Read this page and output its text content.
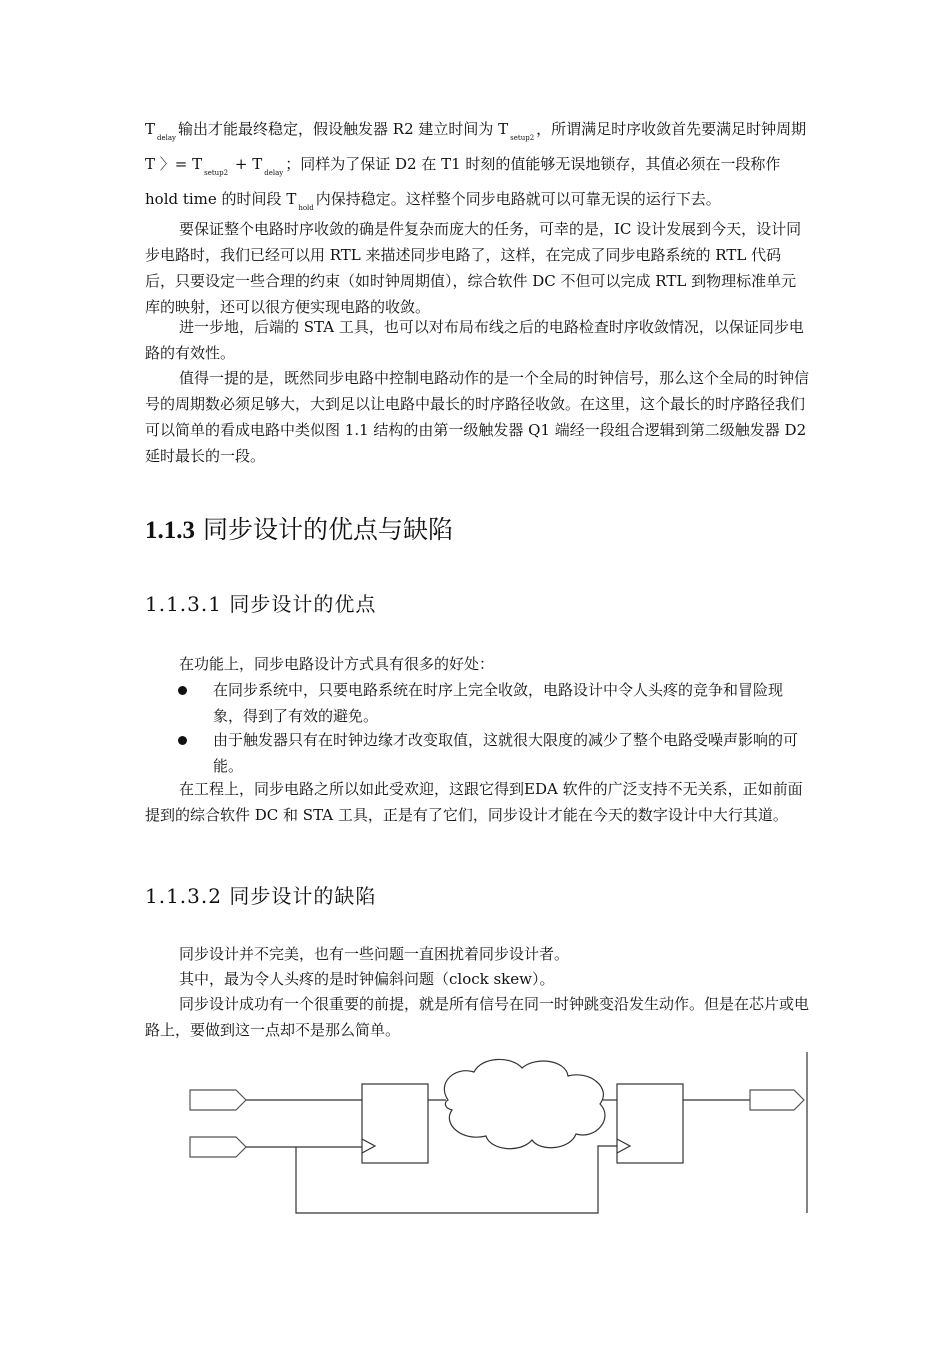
T $_{delay}$ 输出才能最终稳定，假设触发器 R2 建立时间为 T $_{setup2}$ ，所谓满足时序收敛首先要满足时钟周期 T 〉= T $_{setup2}$ + T $_{delay}$ ；同样为了保证 D2 在 T1 时刻的值能够无误地锁存，其值必须在一段称作 hold time 的时间段 T $_{hold}$ 内保持稳定。这样整个同步电路就可以可靠无误的运行下去。

要保证整个电路时序收敛的确是件复杂而庞大的任务，可幸的是，IC 设计发展到今天，设计同步电路时，我们已经可以用 RTL 来描述同步电路了，这样，在完成了同步电路系统的 RTL 代码后，只要设定一些合理的约束（如时钟周期值），综合软件 DC 不但可以完成 RTL 到物理标准单元库的映射，还可以很方便实现电路的收敛。

进一步地，后端的 STA 工具，也可以对布局布线之后的电路检查时序收敛情况，以保证同步电路的有效性。

值得一提的是，既然同步电路中控制电路动作的是一个全局的时钟信号，那么这个全局的时钟信号的周期数必须足够大，大到足以让电路中最长的时序路径收敛。在这里，这个最长的时序路径我们可以简单的看成电路中类似图 1.1 结构的由第一级触发器 Q1 端经一段组合逻辑到第二级触发器 D2 延时最长的一段。

1.1.3 同步设计的优点与缺陷
1.1.3.1 同步设计的优点

在功能上，同步电路设计方式具有很多的好处：

在同步系统中，只要电路系统在时序上完全收敛，电路设计中令人头疼的竞争和冒险现象，得到了有效的避免。
由于触发器只有在时钟边缘才改变取值，这就很大限度的减少了整个电路受噪声影响的可能。

在工程上，同步电路之所以如此受欢迎，这跟它得到EDA 软件的广泛支持不无关系，正如前面提到的综合软件 DC 和 STA 工具，正是有了它们，同步设计才能在今天的数字设计中大行其道。

1.1.3.2 同步设计的缺陷

同步设计并不完美，也有一些问题一直困扰着同步设计者。

其中，最为令人头疼的是时钟偏斜问题（clock skew）。

同步设计成功有一个很重要的前提，就是所有信号在同一时钟跳变沿发生动作。但是在芯片或电路上，要做到这一点却不是那么简单。
